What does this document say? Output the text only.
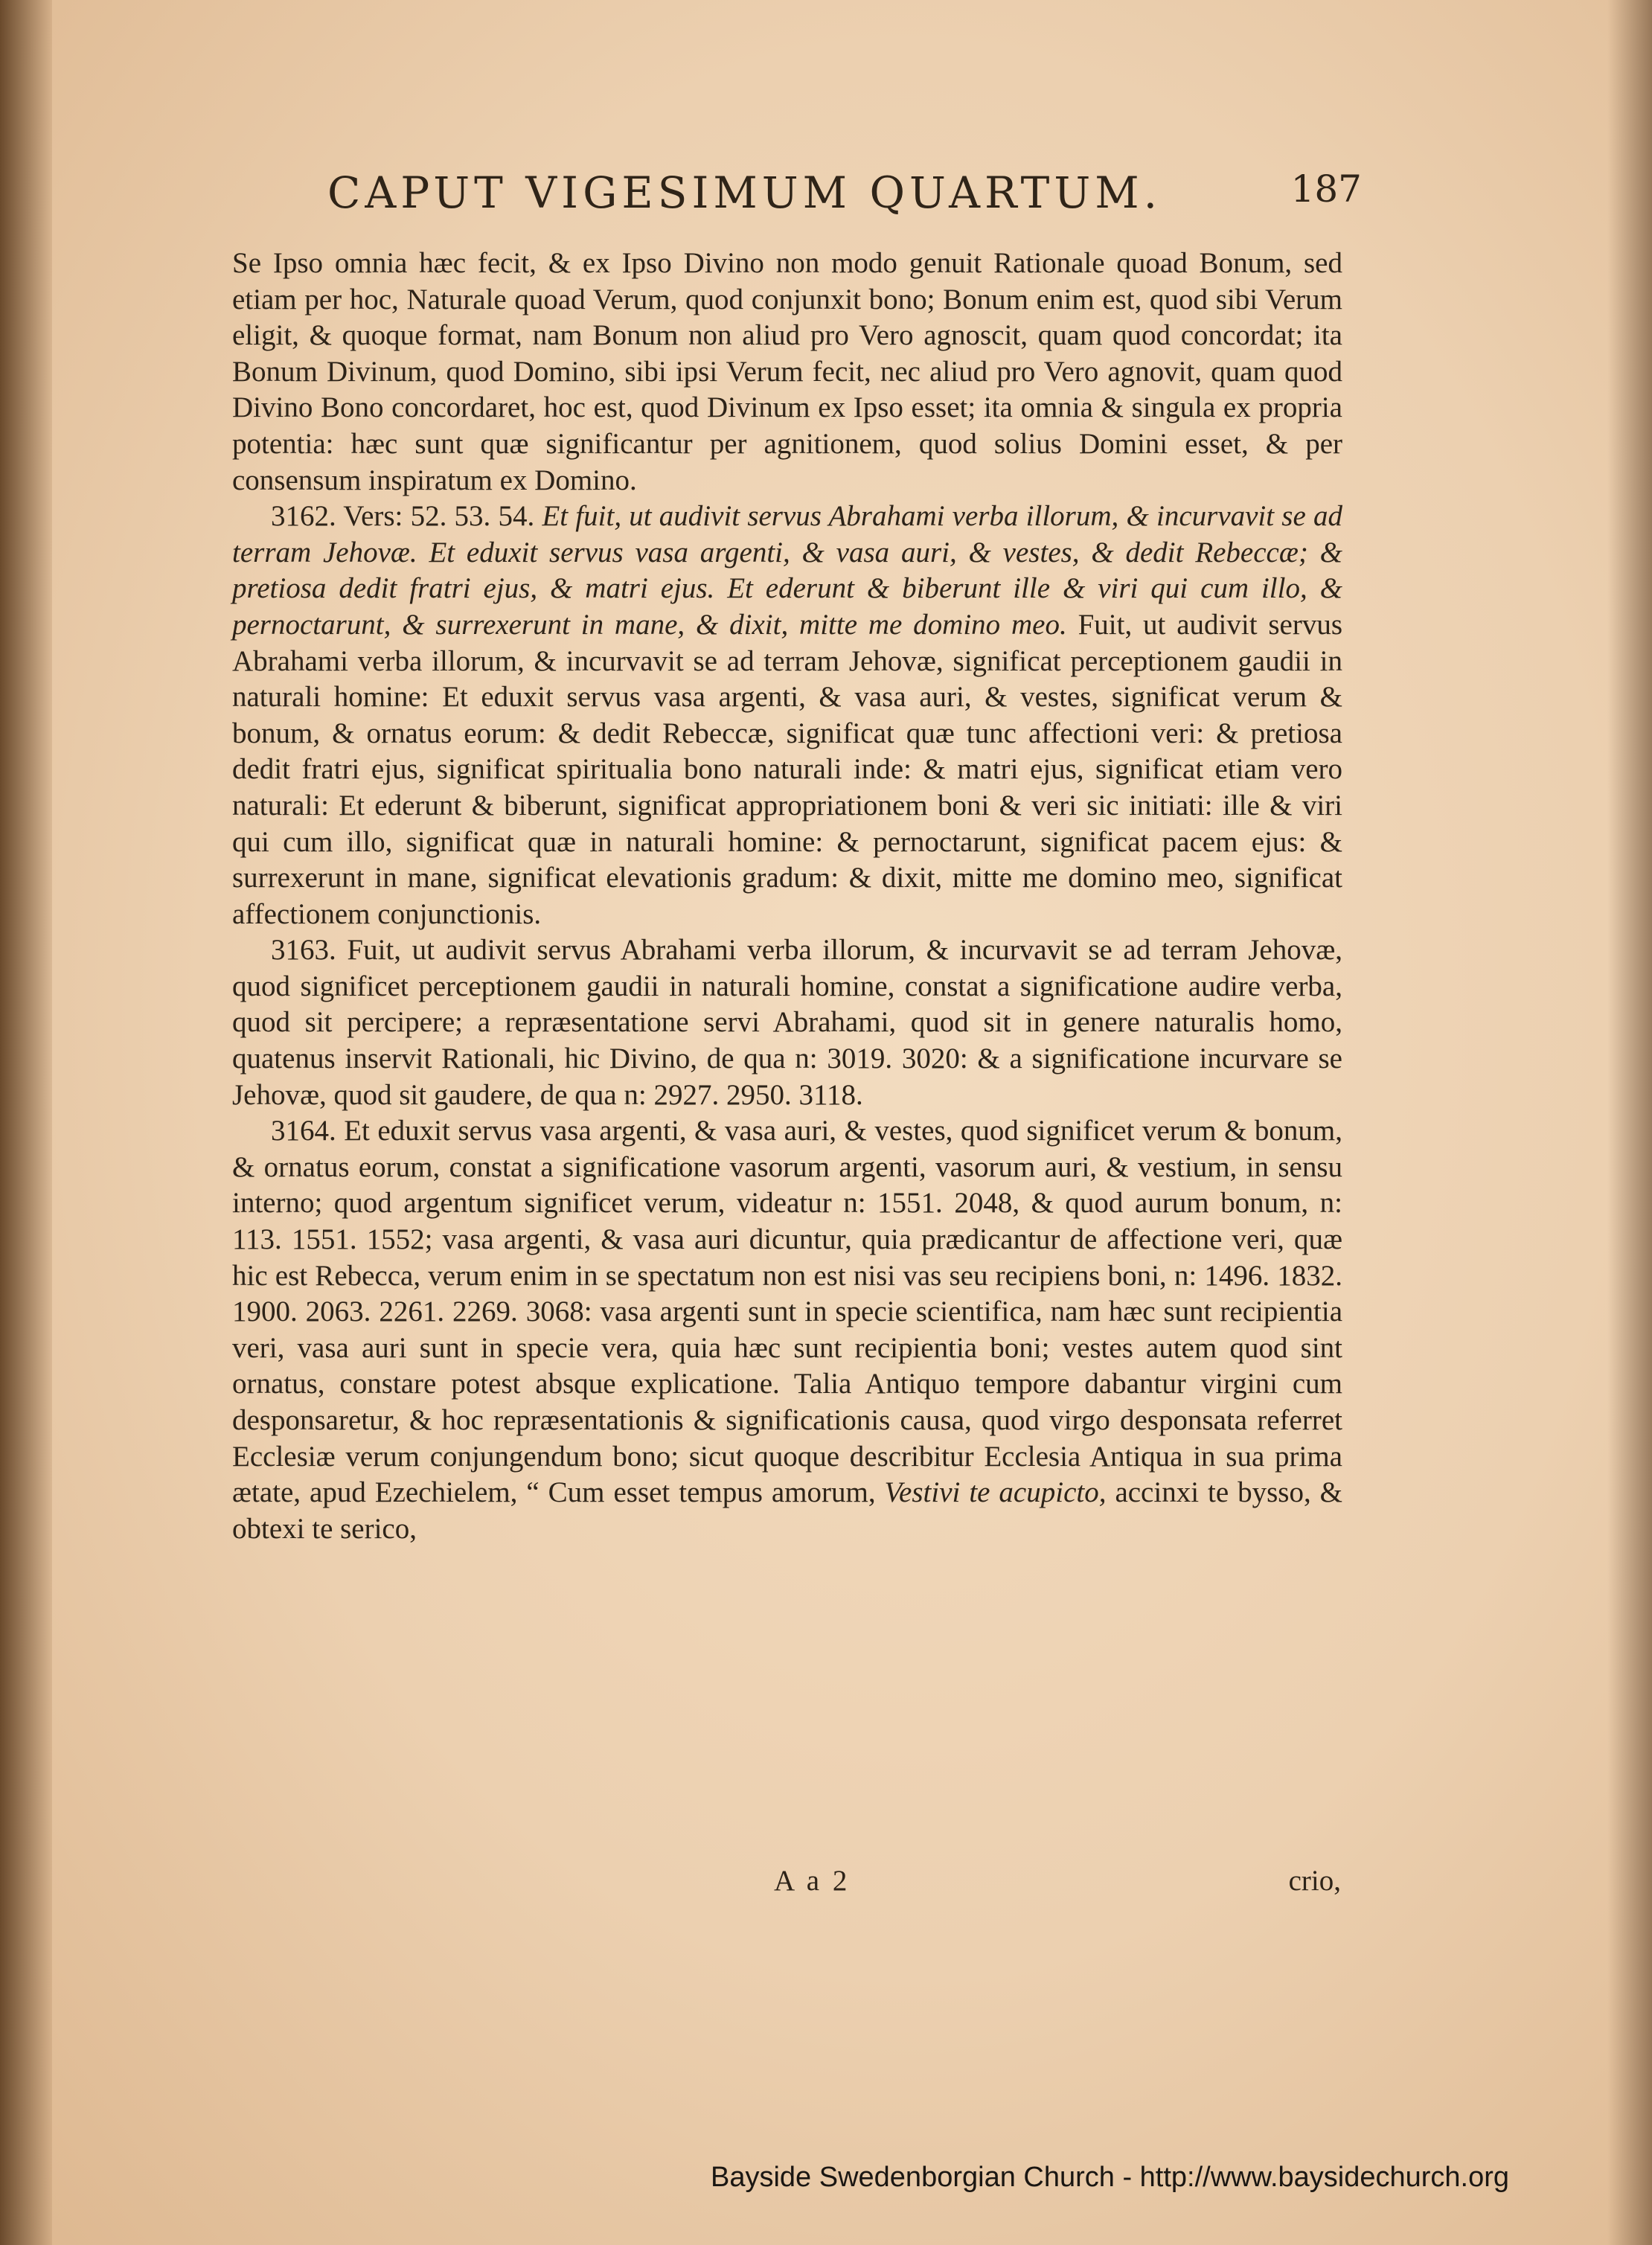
CAPUT VIGESIMUM QUARTUM.	187

Se Ipso omnia hæc fecit, & ex Ipso Divino non modo genuit Rationale quoad Bonum, sed etiam per hoc, Naturale quoad Verum, quod conjunxit bono; Bonum enim est, quod sibi Verum eligit, & quoque format, nam Bonum non aliud pro Vero agnoscit, quam quod concordat; ita Bonum Divinum, quod Domino, sibi ipsi Verum fecit, nec aliud pro Vero agnovit, quam quod Divino Bono concordaret, hoc est, quod Divinum ex Ipso esset; ita omnia & singula ex propria potentia: hæc sunt quæ significantur per agnitionem, quod solius Domini esset, & per consensum inspiratum ex Domino.

3162. Vers: 52. 53. 54. Et fuit, ut audivit servus Abrahami verba illorum, & incurvavit se ad terram Jehovæ. Et eduxit servus vasa argenti, & vasa auri, & vestes, & dedit Rebeccæ; & pretiosa dedit fratri ejus, & matri ejus. Et ederunt & biberunt ille & viri qui cum illo, & pernoctarunt, & surrexerunt in mane, & dixit, mitte me domino meo. Fuit, ut audivit servus Abrahami verba illorum, & incurvavit se ad terram Jehovæ, significat perceptionem gaudii in naturali homine: Et eduxit servus vasa argenti, & vasa auri, & vestes, significat verum & bonum, & ornatus eorum: & dedit Rebeccæ, significat quæ tunc affectioni veri: & pretiosa dedit fratri ejus, significat spiritualia bono naturali inde: & matri ejus, significat etiam vero naturali: Et ederunt & biberunt, significat appropriationem boni & veri sic initiati: ille & viri qui cum illo, significat quæ in naturali homine: & pernoctarunt, significat pacem ejus: & surrexerunt in mane, significat elevationis gradum: & dixit, mitte me domino meo, significat affectionem conjunctionis.

3163. Fuit, ut audivit servus Abrahami verba illorum, & incurvavit se ad terram Jehovæ, quod significet perceptionem gaudii in naturali homine, constat a significatione audire verba, quod sit percipere; a repræsentatione servi Abrahami, quod sit in genere naturalis homo, quatenus inservit Rationali, hic Divino, de qua n: 3019. 3020: & a significatione incurvare se Jehovæ, quod sit gaudere, de qua n: 2927. 2950. 3118.

3164. Et eduxit servus vasa argenti, & vasa auri, & vestes, quod significet verum & bonum, & ornatus eorum, constat a significatione vasorum argenti, vasorum auri, & vestium, in sensu interno; quod argentum significet verum, videatur n: 1551. 2048, & quod aurum bonum, n: 113. 1551. 1552; vasa argenti, & vasa auri dicuntur, quia prædicantur de affectione veri, quæ hic est Rebecca, verum enim in se spectatum non est nisi vas seu recipiens boni, n: 1496. 1832. 1900. 2063. 2261. 2269. 3068: vasa argenti sunt in specie scientifica, nam hæc sunt recipientia veri, vasa auri sunt in specie vera, quia hæc sunt recipientia boni; vestes autem quod sint ornatus, constare potest absque explicatione. Talia Antiquo tempore dabantur virgini cum desponsaretur, & hoc repræsentationis & significationis causa, quod virgo desponsata referret Ecclesiæ verum conjungendum bono; sicut quoque describitur Ecclesia Antiqua in sua prima ætate, apud Ezechielem, “ Cum esset tempus amorum, Vestivi te acupicto, accinxi te bysso, & obtexi te serico,

A a 2	crio,
Bayside Swedenborgian Church - http://www.baysidechurch.org
